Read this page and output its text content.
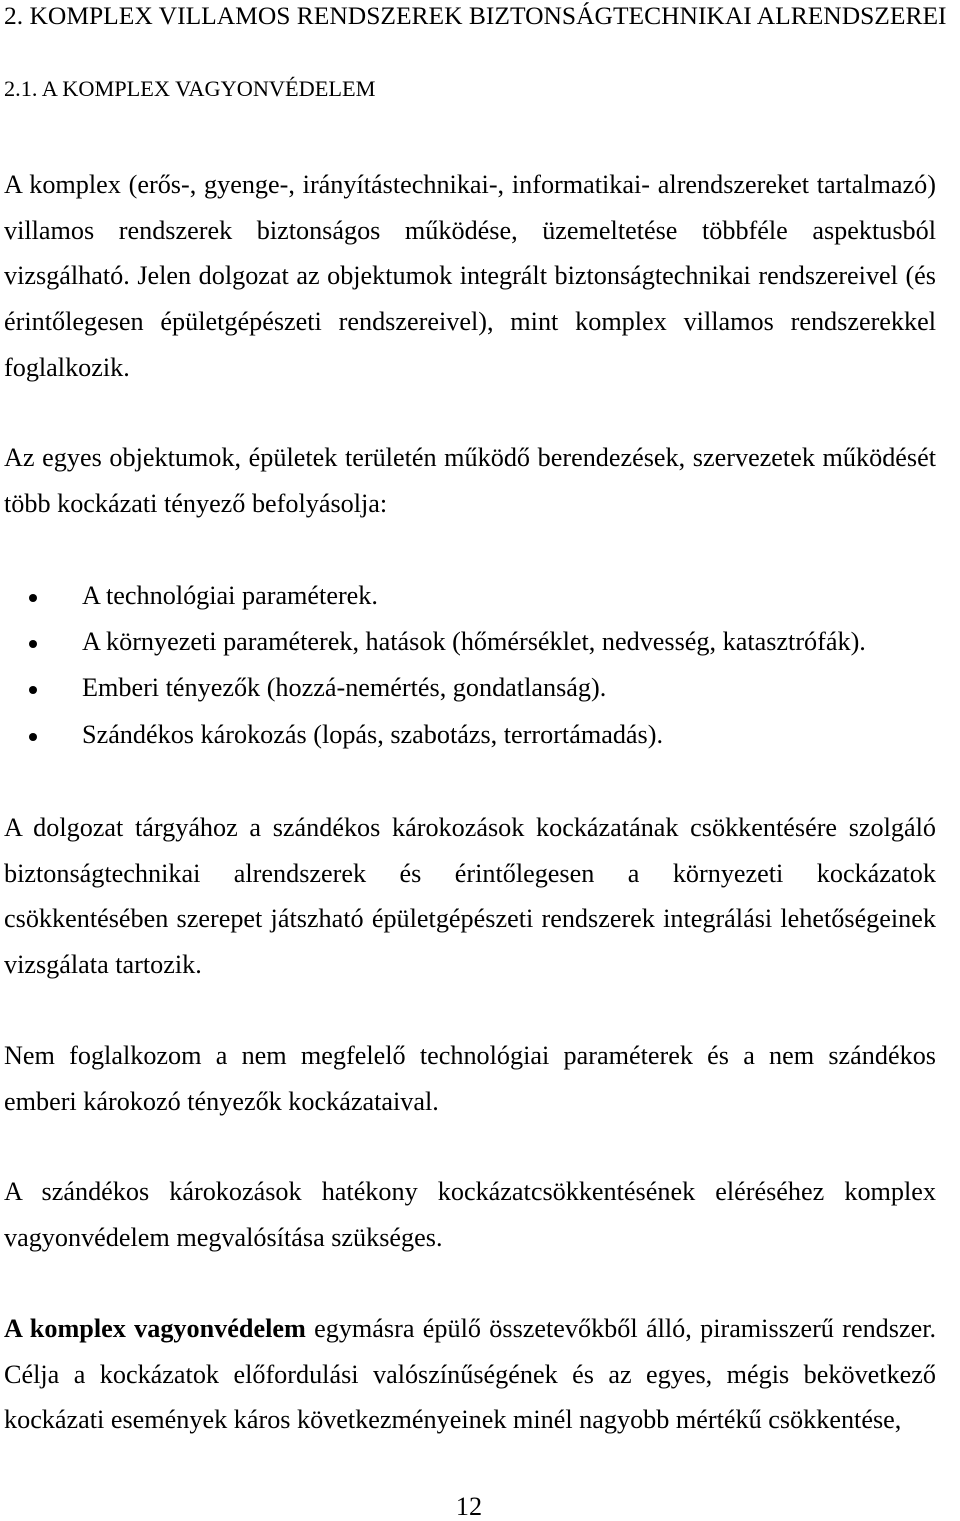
2. KOMPLEX VILLAMOS RENDSZEREK BIZTONSÁGTECHNIKAI ALRENDSZEREI
2.1. A KOMPLEX VAGYONVÉDELEM
A komplex (erős-, gyenge-, irányítástechnikai-, informatikai- alrendszereket tartalmazó)
villamos rendszerek biztonságos működése, üzemeltetése többféle aspektusból
vizsgálható. Jelen dolgozat az objektumok integrált biztonságtechnikai rendszereivel (és
érintőlegesen épületgépészeti rendszereivel), mint komplex villamos rendszerekkel
foglalkozik.
Az egyes objektumok, épületek területén működő berendezések, szervezetek működését
több kockázati tényező befolyásolja:
A technológiai paraméterek.
A környezeti paraméterek, hatások (hőmérséklet, nedvesség, katasztrófák).
Emberi tényezők (hozzá-nemértés, gondatlanság).
Szándékos károkozás (lopás, szabotázs, terrortámadás).
A dolgozat tárgyához a szándékos károkozások kockázatának csökkentésére szolgáló
biztonságtechnikai alrendszerek és érintőlegesen a környezeti kockázatok
csökkentésében szerepet játszható épületgépészeti rendszerek integrálási lehetőségeinek
vizsgálata tartozik.
Nem foglalkozom a nem megfelelő technológiai paraméterek és a nem szándékos
emberi károkozó tényezők kockázataival.
A szándékos károkozások hatékony kockázatcsökkentésének eléréséhez komplex
vagyonvédelem megvalósítása szükséges.
A komplex vagyonvédelem egymásra épülő összetevőkből álló, piramisszerű rendszer.
Célja a kockázatok előfordulási valószínűségének és az egyes, mégis bekövetkező
kockázati események káros következményeinek minél nagyobb mértékű csökkentése,
12
